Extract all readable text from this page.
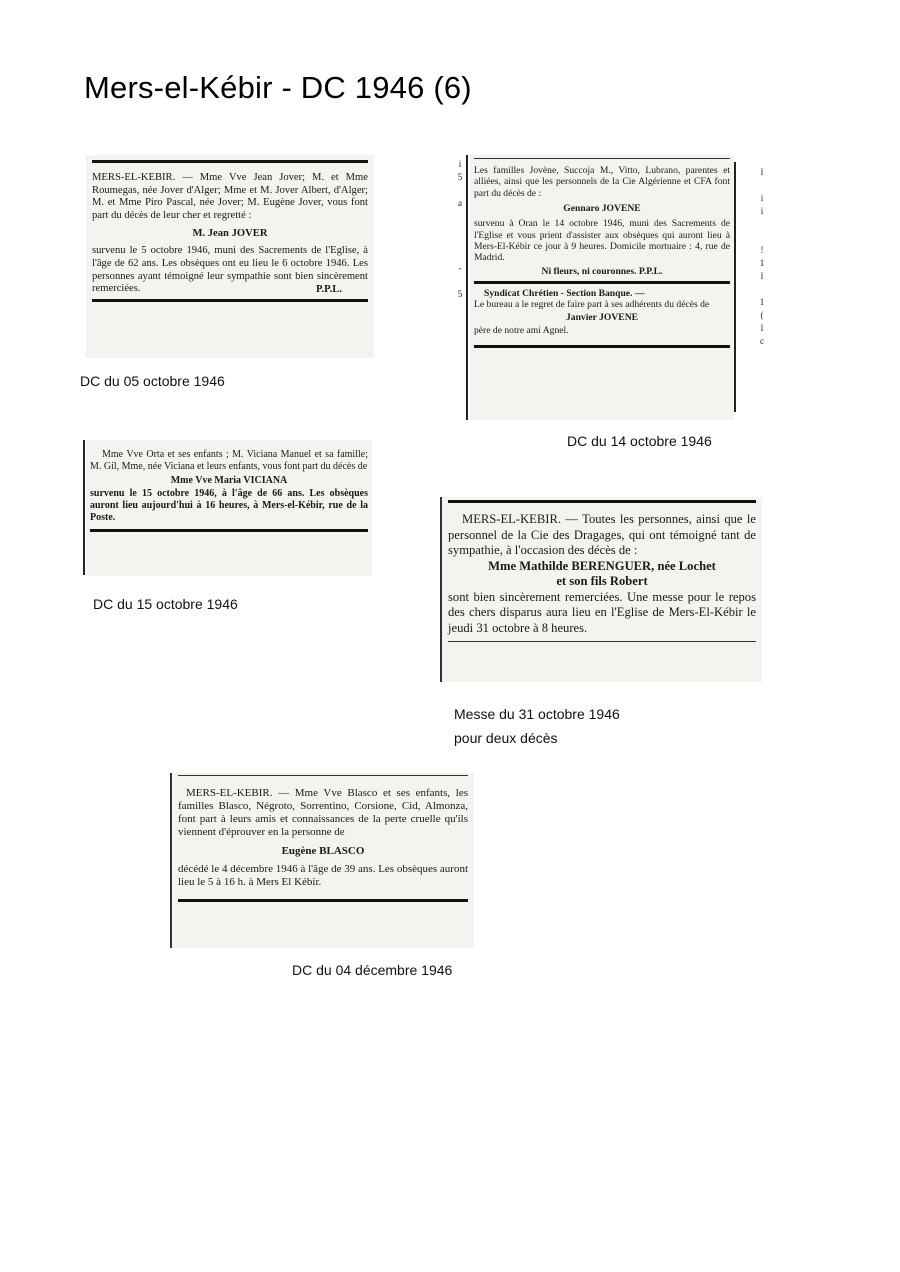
Mers-el-Kébir - DC 1946 (6)

MERS-EL-KEBIR. — Mme Vve Jean Jover; M. et Mme Roumegas, née Jover d'Alger; Mme et M. Jover Albert, d'Alger; M. et Mme Piro Pascal, née Jover; M. Eugène Jover, vous font part du décès de leur cher et regretté :

M. Jean JOVER

survenu le 5 octobre 1946, muni des Sacrements de l'Eglise, à l'âge de 62 ans. Les obsèques ont eu lieu le 6 octobre 1946. Les personnes ayant témoigné leur sympathie sont bien sincèrement remerciées.	P.P.L.

DC du 05 octobre 1946
i
5

a

-

5

Les familles Jovène, Succoja M., Vitto, Lubrano, parentes et alliées, ainsi que les personnels de la Cie Algérienne et CFA font part du décès de :

Gennaro JOVENE

survenu à Oran le 14 octobre 1946, muni des Sacrements de l'Eglise et vous prient d'assister aux obsèques qui auront lieu à Mers-El-Kébir ce jour à 9 heures. Domicile mortuaire : 4, rue de Madrid.

Ni fleurs, ni couronnes. P.P.L.

Syndicat Chrétien - Section Banque. —

Le bureau a le regret de faire part à ses adhérents du décès de

Janvier JOVENE

père de notre ami Agnel.

l

i
i

!
1
l

1
(
l
c
DC du 14 octobre 1946

Mme Vve Orta et ses enfants ; M. Viciana Manuel et sa famille; M. Gil, Mme, née Viciana et leurs enfants, vous font part du décès de

Mme Vve Maria VICIANA

survenu le 15 octobre 1946, à l'âge de 66 ans. Les obsèques auront lieu aujourd'hui à 16 heures, à Mers-el-Kébir, rue de la Poste.

DC du 15 octobre 1946

MERS-EL-KEBIR. — Toutes les personnes, ainsi que le personnel de la Cie des Dragages, qui ont témoigné tant de sympathie, à l'occasion des décès de :

Mme Mathilde BERENGUER, née Lochet

et son fils Robert

sont bien sincèrement remerciées. Une messe pour le repos des chers disparus aura lieu en l'Eglise de Mers-El-Kébir le jeudi 31 octobre à 8 heures.

Messe du 31 octobre 1946
pour deux décès

MERS-EL-KEBIR. — Mme Vve Blasco et ses enfants, les familles Blasco, Négroto, Sorrentino, Corsione, Cid, Almonza, font part à leurs amis et connaissances de la perte cruelle qu'ils viennent d'éprouver en la personne de

Eugène BLASCO

décédé le 4 décembre 1946 à l'âge de 39 ans. Les obsèques auront lieu le 5 à 16 h. à Mers El Kébir.

DC du 04 décembre 1946
